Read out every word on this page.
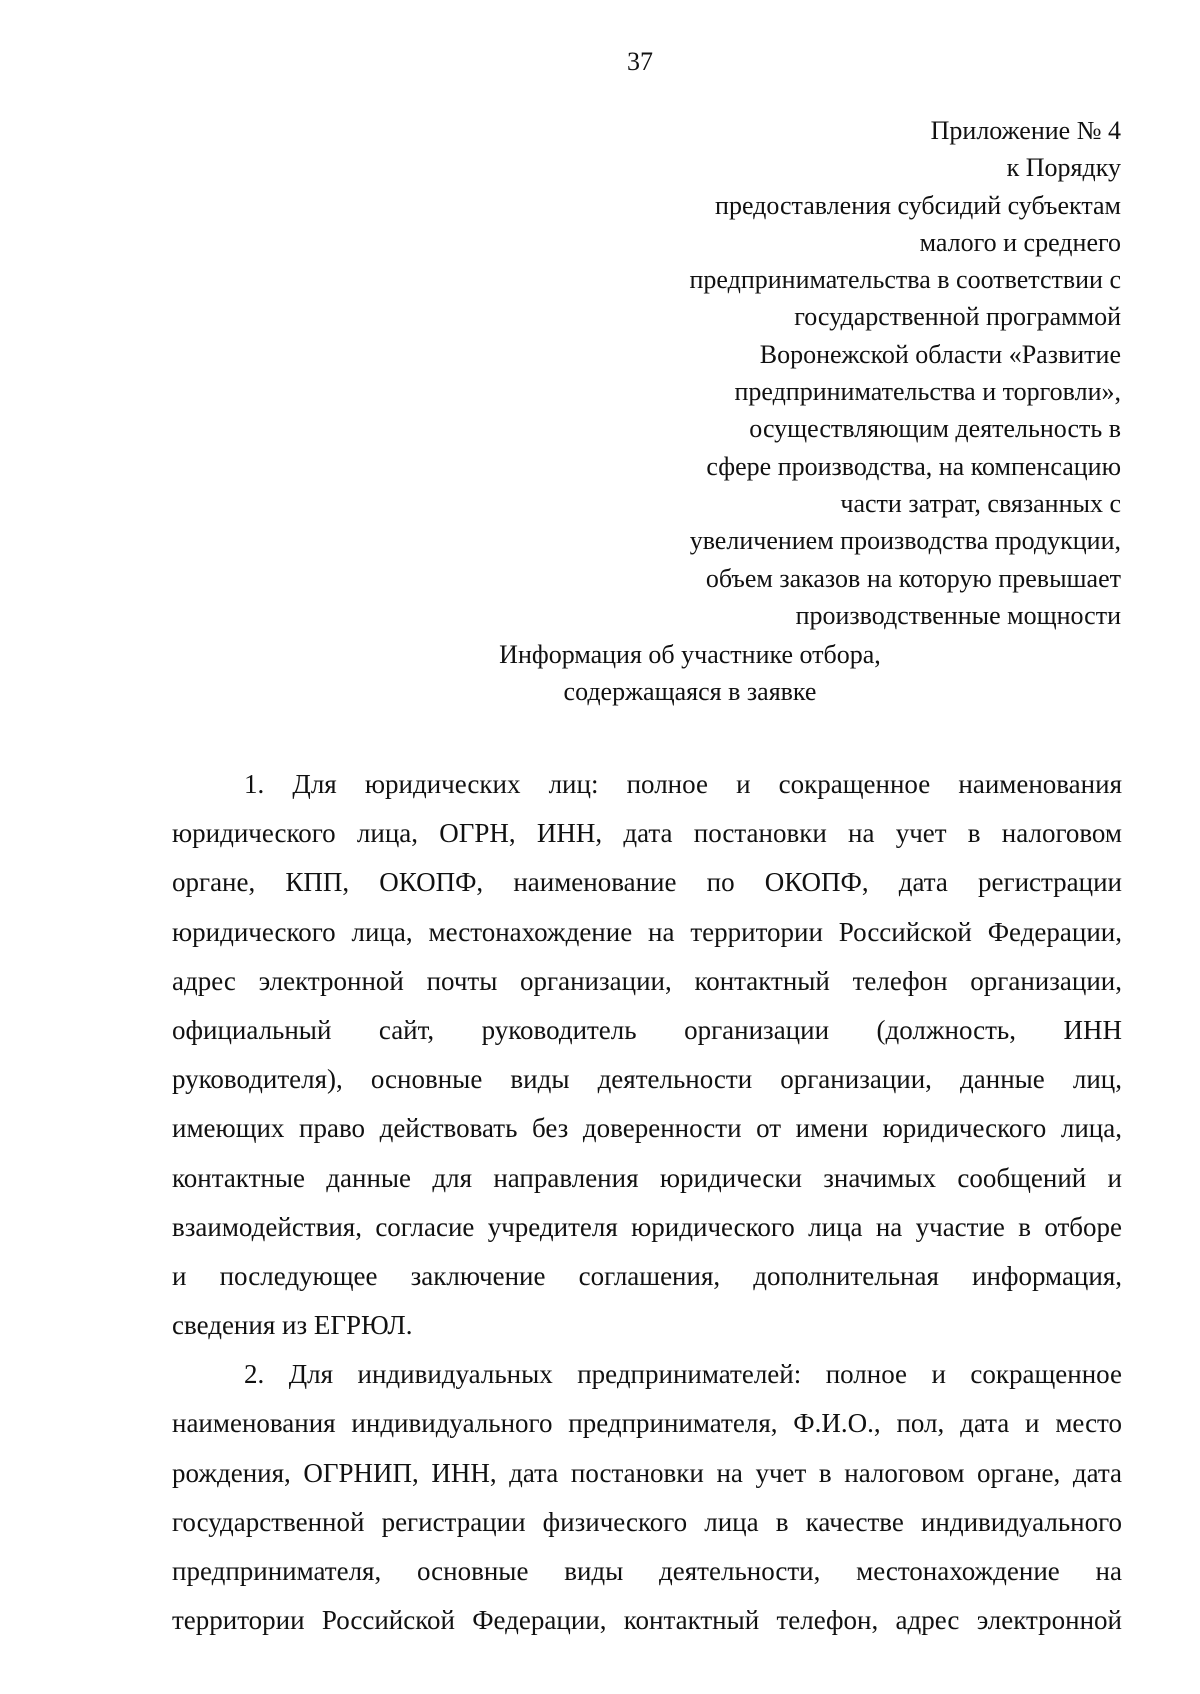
37
Приложение № 4
к Порядку
предоставления субсидий субъектам
малого и среднего
предпринимательства в соответствии с
государственной программой
Воронежской области «Развитие
предпринимательства и торговли»,
осуществляющим деятельность в
сфере производства, на компенсацию
части затрат, связанных с
увеличением производства продукции,
объем заказов на которую превышает
производственные мощности
Информация об участнике отбора,
содержащаяся в заявке
1. Для юридических лиц: полное и сокращенное наименования
юридического лица, ОГРН, ИНН, дата постановки на учет в налоговом
органе, КПП, ОКОПФ, наименование по ОКОПФ, дата регистрации
юридического лица, местонахождение на территории Российской Федерации,
адрес электронной почты организации, контактный телефон организации,
официальный сайт, руководитель организации (должность, ИНН
руководителя), основные виды деятельности организации, данные лиц,
имеющих право действовать без доверенности от имени юридического лица,
контактные данные для направления юридически значимых сообщений и
взаимодействия, согласие учредителя юридического лица на участие в отборе
и последующее заключение соглашения, дополнительная информация,
сведения из ЕГРЮЛ.
2. Для индивидуальных предпринимателей: полное и сокращенное
наименования индивидуального предпринимателя, Ф.И.О., пол, дата и место
рождения, ОГРНИП, ИНН, дата постановки на учет в налоговом органе, дата
государственной регистрации физического лица в качестве индивидуального
предпринимателя, основные виды деятельности, местонахождение на
территории Российской Федерации, контактный телефон, адрес электронной
